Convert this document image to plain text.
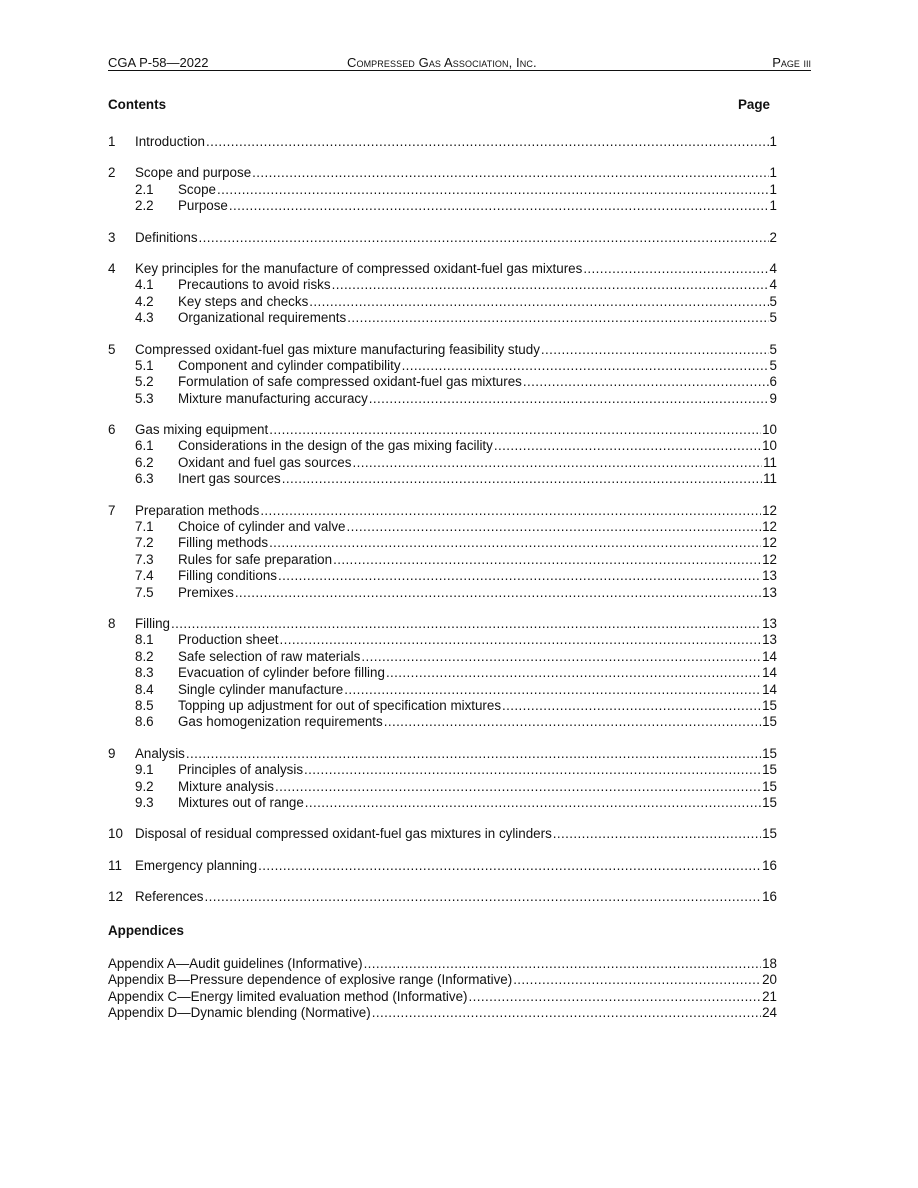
CGA P-58—2022	Compressed Gas Association, Inc.	Page iii
Contents	Page
1	Introduction .....	1
2	Scope and purpose .....	1
2.1	Scope .....	1
2.2	Purpose .....	1
3	Definitions .....	2
4	Key principles for the manufacture of compressed oxidant-fuel gas mixtures .....	4
4.1	Precautions to avoid risks .....	4
4.2	Key steps and checks .....	5
4.3	Organizational requirements .....	5
5	Compressed oxidant-fuel gas mixture manufacturing feasibility study .....	5
5.1	Component and cylinder compatibility .....	5
5.2	Formulation of safe compressed oxidant-fuel gas mixtures .....	6
5.3	Mixture manufacturing accuracy .....	9
6	Gas mixing equipment .....	10
6.1	Considerations in the design of the gas mixing facility .....	10
6.2	Oxidant and fuel gas sources .....	11
6.3	Inert gas sources .....	11
7	Preparation methods .....	12
7.1	Choice of cylinder and valve .....	12
7.2	Filling methods .....	12
7.3	Rules for safe preparation .....	12
7.4	Filling conditions .....	13
7.5	Premixes .....	13
8	Filling .....	13
8.1	Production sheet .....	13
8.2	Safe selection of raw materials .....	14
8.3	Evacuation of cylinder before filling .....	14
8.4	Single cylinder manufacture .....	14
8.5	Topping up adjustment for out of specification mixtures .....	15
8.6	Gas homogenization requirements .....	15
9	Analysis .....	15
9.1	Principles of analysis .....	15
9.2	Mixture analysis .....	15
9.3	Mixtures out of range .....	15
10 Disposal of residual compressed oxidant-fuel gas mixtures in cylinders .....	15
11 Emergency planning .....	16
12 References .....	16
Appendices
Appendix A—Audit guidelines (Informative) .....	18
Appendix B—Pressure dependence of explosive range (Informative) .....	20
Appendix C—Energy limited evaluation method (Informative) .....	21
Appendix D—Dynamic blending (Normative) .....	24
